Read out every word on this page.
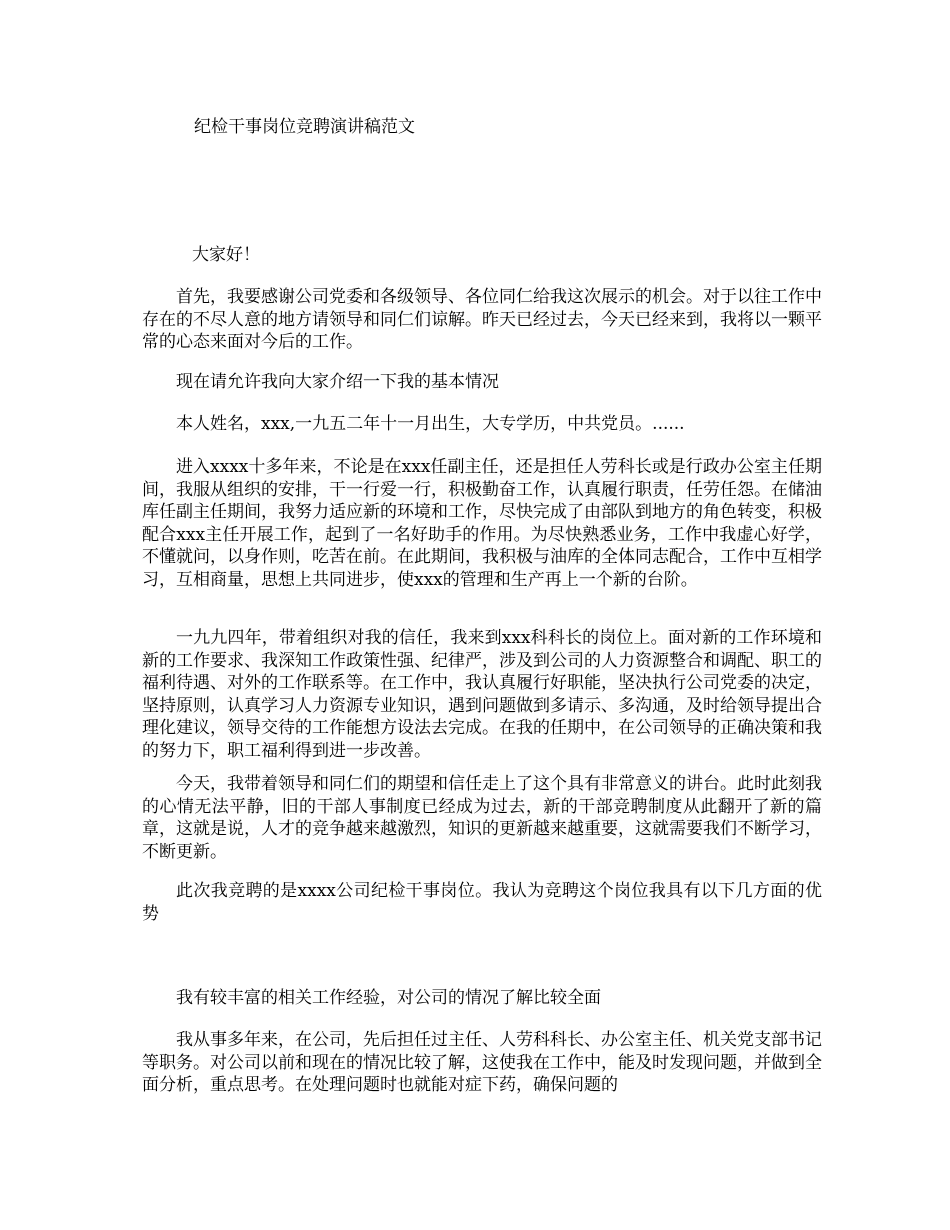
纪检干事岗位竞聘演讲稿范文
大家好！

首先，我要感谢公司党委和各级领导、各位同仁给我这次展示的机会。对于以往工作中存在的不尽人意的地方请领导和同仁们谅解。昨天已经过去，今天已经来到，我将以一颗平常的心态来面对今后的工作。

现在请允许我向大家介绍一下我的基本情况

本人姓名，xxx,一九五二年十一月出生，大专学历，中共党员。......

进入xxxx十多年来，不论是在xxx任副主任，还是担任人劳科长或是行政办公室主任期间，我服从组织的安排，干一行爱一行，积极勤奋工作，认真履行职责，任劳任怨。在储油库任副主任期间，我努力适应新的环境和工作，尽快完成了由部队到地方的角色转变，积极配合xxx主任开展工作，起到了一名好助手的作用。为尽快熟悉业务，工作中我虚心好学，不懂就问，以身作则，吃苦在前。在此期间，我积极与油库的全体同志配合，工作中互相学习，互相商量，思想上共同进步，使xxx的管理和生产再上一个新的台阶。

一九九四年，带着组织对我的信任，我来到xxx科科长的岗位上。面对新的工作环境和新的工作要求、我深知工作政策性强、纪律严，涉及到公司的人力资源整合和调配、职工的福利待遇、对外的工作联系等。在工作中，我认真履行好职能，坚决执行公司党委的决定，坚持原则，认真学习人力资源专业知识，遇到问题做到多请示、多沟通，及时给领导提出合理化建议，领导交待的工作能想方设法去完成。在我的任期中，在公司领导的正确决策和我的努力下，职工福利得到进一步改善。

今天，我带着领导和同仁们的期望和信任走上了这个具有非常意义的讲台。此时此刻我的心情无法平静，旧的干部人事制度已经成为过去，新的干部竞聘制度从此翻开了新的篇章，这就是说，人才的竞争越来越激烈，知识的更新越来越重要，这就需要我们不断学习，不断更新。

此次我竞聘的是xxxx公司纪检干事岗位。我认为竞聘这个岗位我具有以下几方面的优势

我有较丰富的相关工作经验，对公司的情况了解比较全面

我从事多年来，在公司，先后担任过主任、人劳科科长、办公室主任、机关党支部书记等职务。对公司以前和现在的情况比较了解，这使我在工作中，能及时发现问题，并做到全面分析，重点思考。在处理问题时也就能对症下药，确保问题的
